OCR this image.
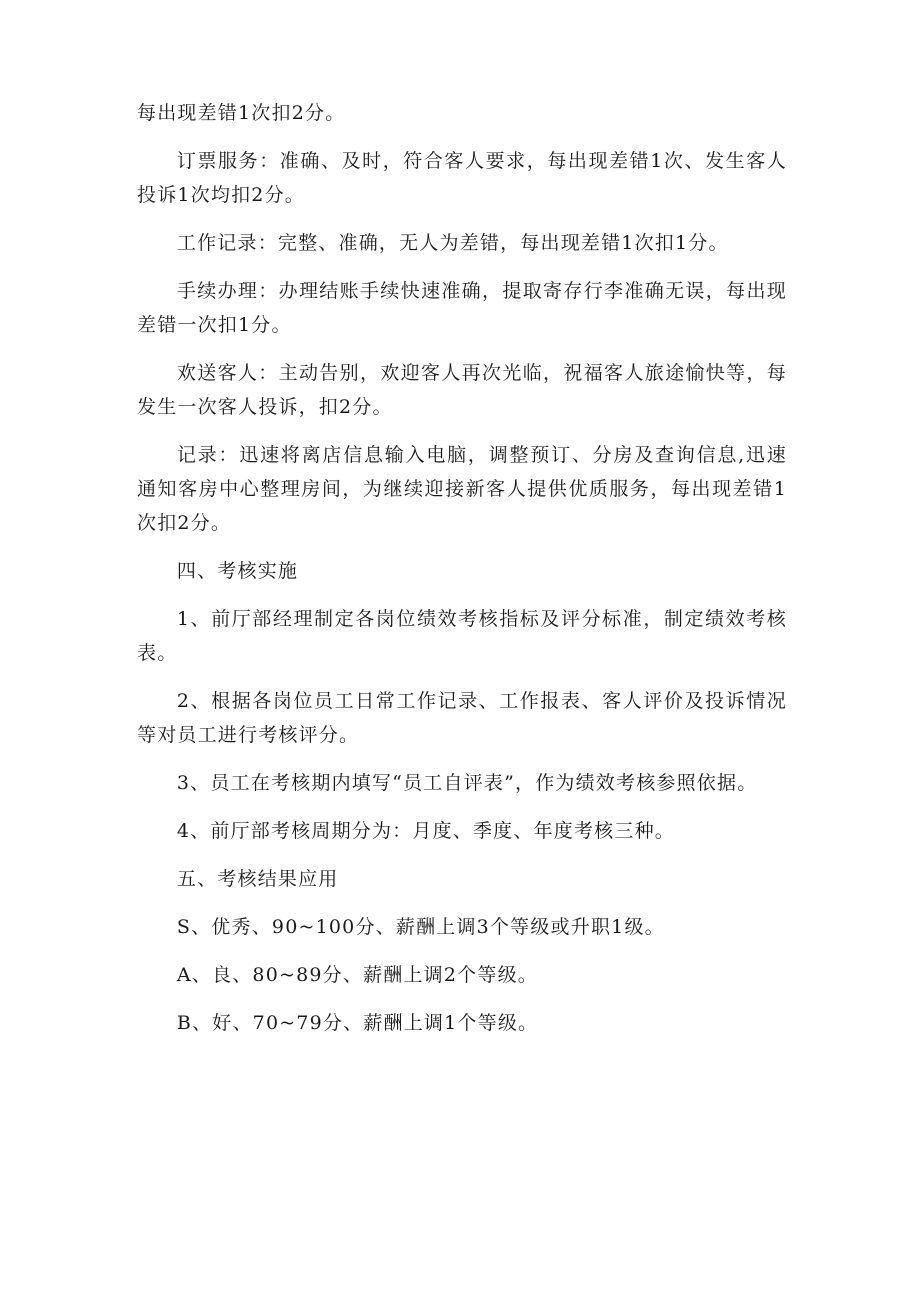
每出现差错1次扣2分。

订票服务：准确、及时，符合客人要求，每出现差错1次、发生客人投诉1次均扣2分。

工作记录：完整、准确，无人为差错，每出现差错1次扣1分。

手续办理：办理结账手续快速准确，提取寄存行李准确无误，每出现差错一次扣1分。

欢送客人：主动告别，欢迎客人再次光临，祝福客人旅途愉快等，每发生一次客人投诉，扣2分。

记录：迅速将离店信息输入电脑，调整预订、分房及查询信息,迅速通知客房中心整理房间，为继续迎接新客人提供优质服务，每出现差错1次扣2分。

四、考核实施

1、前厅部经理制定各岗位绩效考核指标及评分标准，制定绩效考核表。

2、根据各岗位员工日常工作记录、工作报表、客人评价及投诉情况等对员工进行考核评分。

3、员工在考核期内填写“员工自评表”，作为绩效考核参照依据。

4、前厅部考核周期分为：月度、季度、年度考核三种。

五、考核结果应用

S、优秀、90~100分、薪酬上调3个等级或升职1级。

A、良、80~89分、薪酬上调2个等级。

B、好、70~79分、薪酬上调1个等级。
